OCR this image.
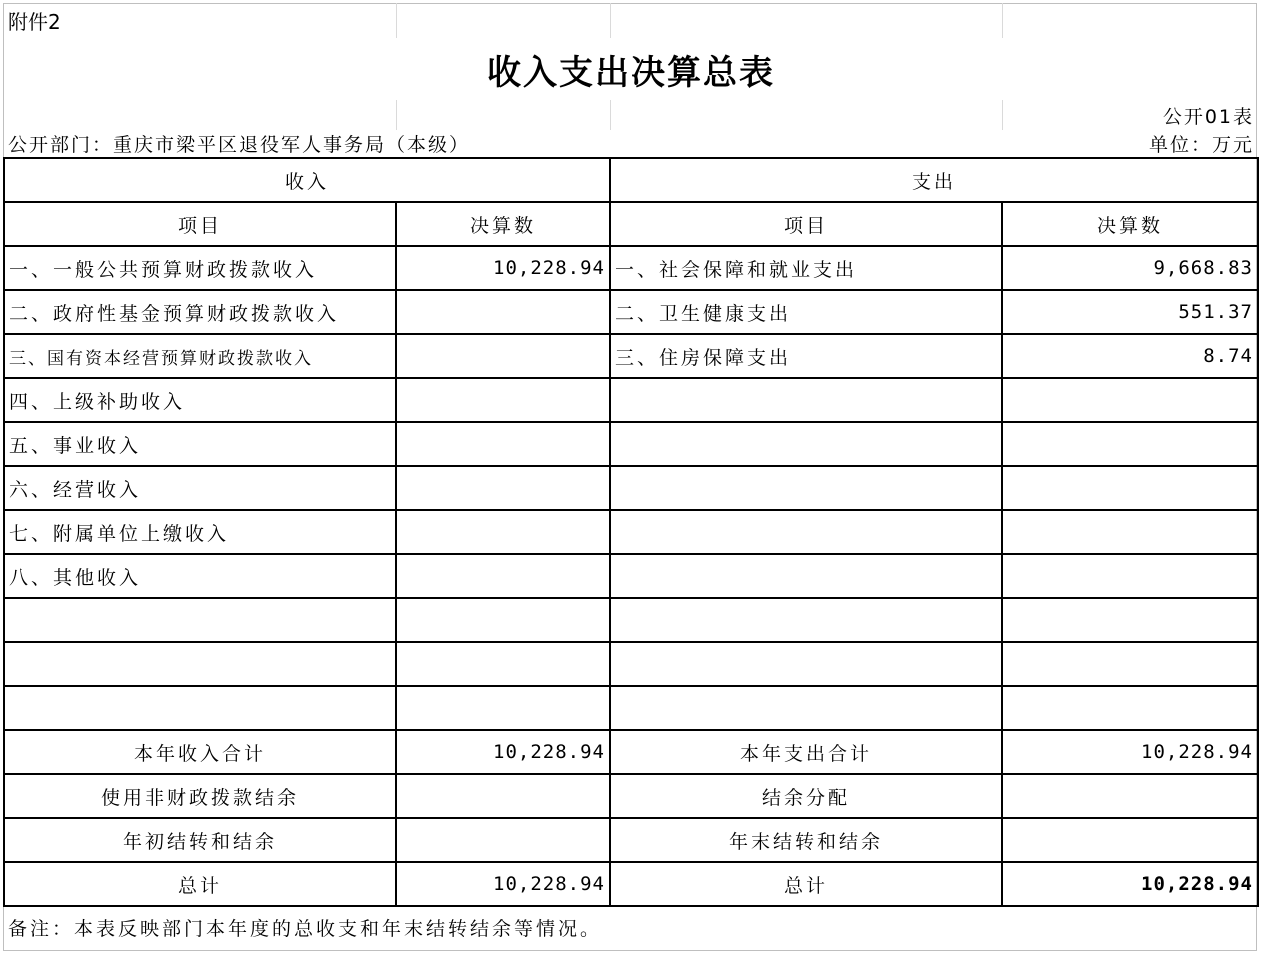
附件2			
收入支出决算总表			
			公开01表
公开部门：重庆市梁平区退役军人事务局（本级）			单位：万元
收入		支出	
项目	决算数	项目	决算数
一、一般公共预算财政拨款收入	10,228.94	一、社会保障和就业支出	9,668.83
二、政府性基金预算财政拨款收入		二、卫生健康支出	551.37
三、国有资本经营预算财政拨款收入		三、住房保障支出	8.74
四、上级补助收入			
五、事业收入			
六、经营收入			
七、附属单位上缴收入			
八、其他收入			

本年收入合计	10,228.94	本年支出合计	10,228.94
使用非财政拨款结余		结余分配	
年初结转和结余		年末结转和结余	
总计	10,228.94	总计	10,228.94
备注：本表反映部门本年度的总收支和年末结转结余等情况。			
